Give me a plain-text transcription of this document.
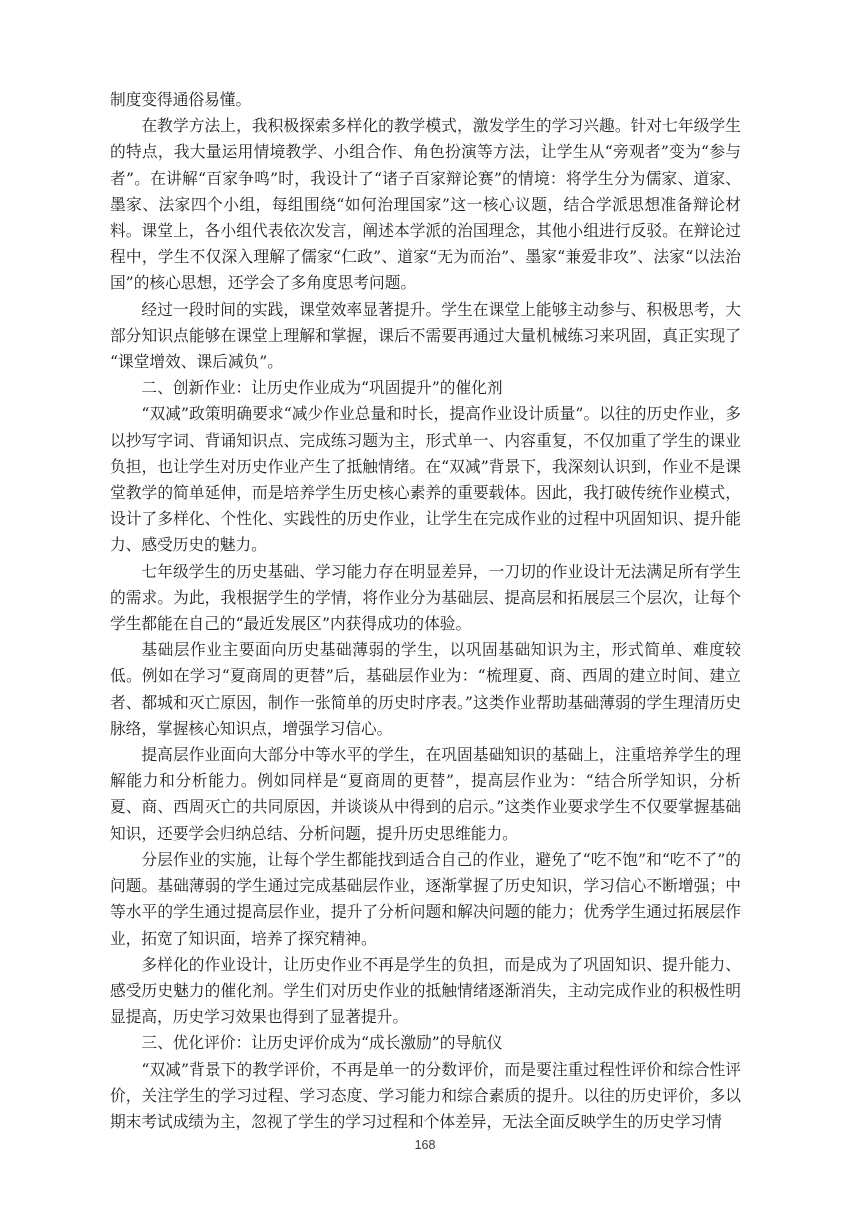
制度变得通俗易懂。

在教学方法上，我积极探索多样化的教学模式，激发学生的学习兴趣。针对七年级学生的特点，我大量运用情境教学、小组合作、角色扮演等方法，让学生从“旁观者”变为“参与者”。在讲解“百家争鸣”时，我设计了“诸子百家辩论赛”的情境：将学生分为儒家、道家、墨家、法家四个小组，每组围绕“如何治理国家”这一核心议题，结合学派思想准备辩论材料。课堂上，各小组代表依次发言，阐述本学派的治国理念，其他小组进行反驳。在辩论过程中，学生不仅深入理解了儒家“仁政”、道家“无为而治”、墨家“兼爱非攻”、法家“以法治国”的核心思想，还学会了多角度思考问题。

经过一段时间的实践，课堂效率显著提升。学生在课堂上能够主动参与、积极思考，大部分知识点能够在课堂上理解和掌握，课后不需要再通过大量机械练习来巩固，真正实现了“课堂增效、课后减负”。

二、创新作业：让历史作业成为“巩固提升”的催化剂

“双减”政策明确要求“减少作业总量和时长，提高作业设计质量”。以往的历史作业，多以抄写字词、背诵知识点、完成练习题为主，形式单一、内容重复，不仅加重了学生的课业负担，也让学生对历史作业产生了抵触情绪。在“双减”背景下，我深刻认识到，作业不是课堂教学的简单延伸，而是培养学生历史核心素养的重要载体。因此，我打破传统作业模式，设计了多样化、个性化、实践性的历史作业，让学生在完成作业的过程中巩固知识、提升能力、感受历史的魅力。

七年级学生的历史基础、学习能力存在明显差异，一刀切的作业设计无法满足所有学生的需求。为此，我根据学生的学情，将作业分为基础层、提高层和拓展层三个层次，让每个学生都能在自己的“最近发展区”内获得成功的体验。

基础层作业主要面向历史基础薄弱的学生，以巩固基础知识为主，形式简单、难度较低。例如在学习“夏商周的更替”后，基础层作业为：“梳理夏、商、西周的建立时间、建立者、都城和灭亡原因，制作一张简单的历史时序表。”这类作业帮助基础薄弱的学生理清历史脉络，掌握核心知识点，增强学习信心。

提高层作业面向大部分中等水平的学生，在巩固基础知识的基础上，注重培养学生的理解能力和分析能力。例如同样是“夏商周的更替”，提高层作业为：“结合所学知识，分析夏、商、西周灭亡的共同原因，并谈谈从中得到的启示。”这类作业要求学生不仅要掌握基础知识，还要学会归纳总结、分析问题，提升历史思维能力。

分层作业的实施，让每个学生都能找到适合自己的作业，避免了“吃不饱”和“吃不了”的问题。基础薄弱的学生通过完成基础层作业，逐渐掌握了历史知识，学习信心不断增强；中等水平的学生通过提高层作业，提升了分析问题和解决问题的能力；优秀学生通过拓展层作业，拓宽了知识面，培养了探究精神。

多样化的作业设计，让历史作业不再是学生的负担，而是成为了巩固知识、提升能力、感受历史魅力的催化剂。学生们对历史作业的抵触情绪逐渐消失，主动完成作业的积极性明显提高，历史学习效果也得到了显著提升。

三、优化评价：让历史评价成为“成长激励”的导航仪

“双减”背景下的教学评价，不再是单一的分数评价，而是要注重过程性评价和综合性评价，关注学生的学习过程、学习态度、学习能力和综合素质的提升。以往的历史评价，多以期末考试成绩为主，忽视了学生的学习过程和个体差异，无法全面反映学生的历史学习情

168
